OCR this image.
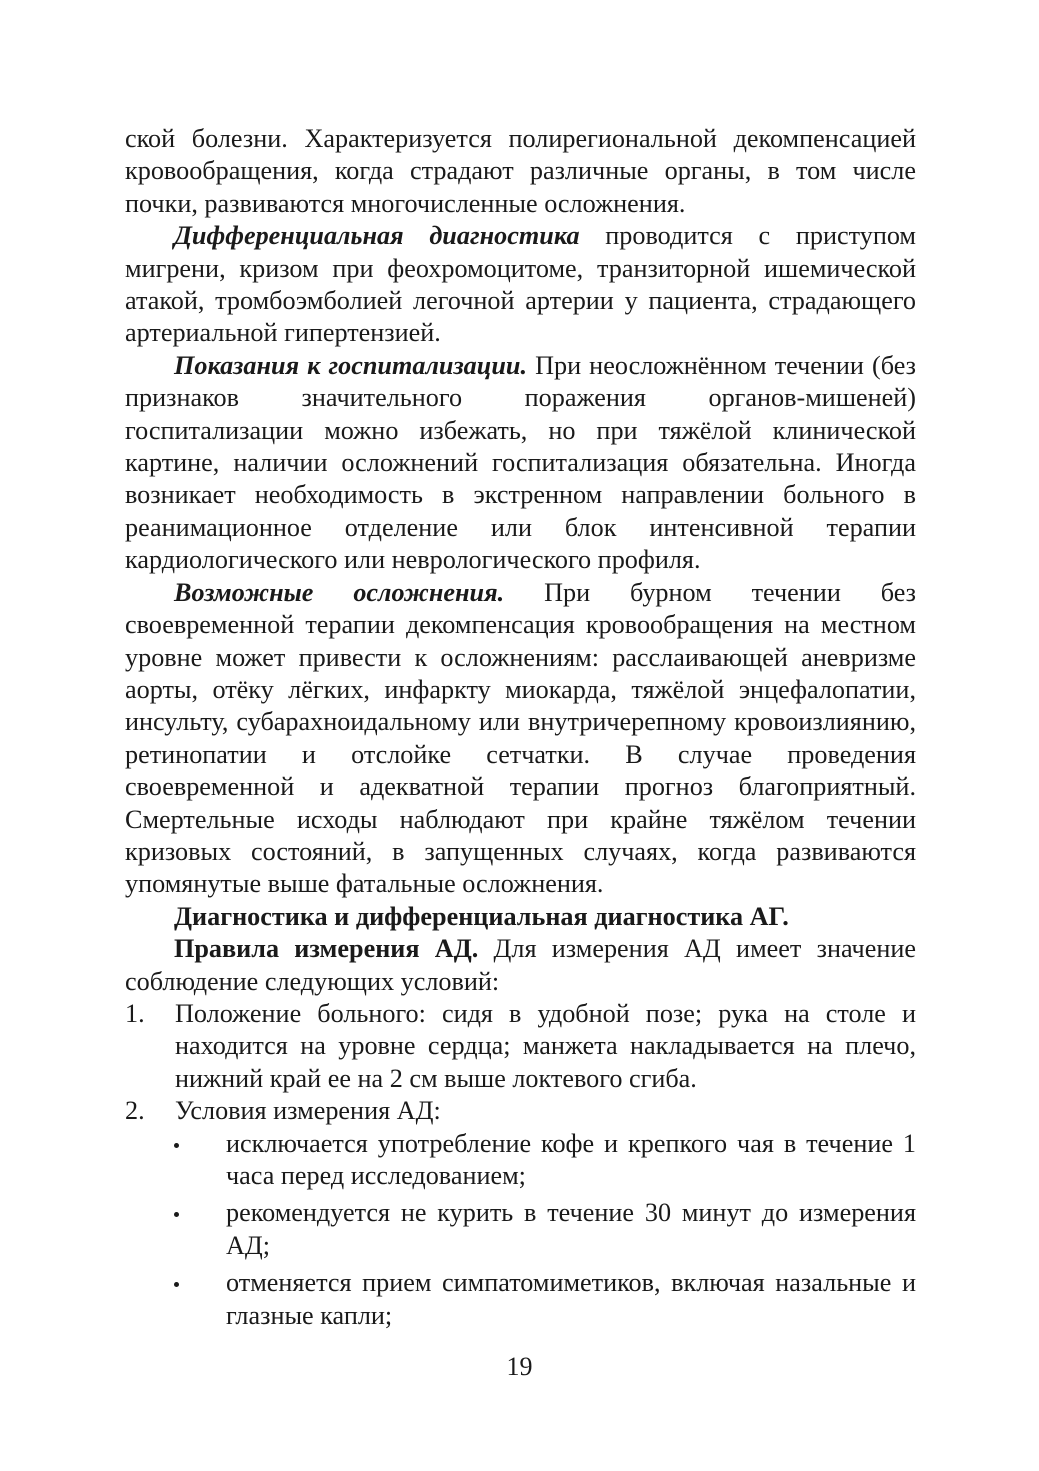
ской болезни. Характеризуется полирегиональной декомпенсацией кровообращения, когда страдают различные органы, в том числе почки, развиваются многочисленные осложнения.

Дифференциальная диагностика проводится с приступом мигрени, кризом при феохромоцитоме, транзиторной ишемической атакой, тромбоэмболией легочной артерии у пациента, страдающего артериальной гипертензией.

Показания к госпитализации. При неосложнённом течении (без признаков значительного поражения органов-мишеней) госпитализации можно избежать, но при тяжёлой клинической картине, наличии осложнений госпитализация обязательна. Иногда возникает необходимость в экстренном направлении больного в реанимационное отделение или блок интенсивной терапии кардиологического или неврологического профиля.

Возможные осложнения. При бурном течении без своевременной терапии декомпенсация кровообращения на местном уровне может привести к осложнениям: расслаивающей аневризме аорты, отёку лёгких, инфаркту миокарда, тяжёлой энцефалопатии, инсульту, субарахноидальному или внутричерепному кровоизлиянию, ретинопатии и отслойке сетчатки. В случае проведения своевременной и адекватной терапии прогноз благоприятный. Смертельные исходы наблюдают при крайне тяжёлом течении кризовых состояний, в запущенных случаях, когда развиваются упомянутые выше фатальные осложнения.

Диагностика и дифференциальная диагностика АГ.

Правила измерения АД. Для измерения АД имеет значение соблюдение следующих условий:

1.	Положение больного: сидя в удобной позе; рука на столе и находится на уровне сердца; манжета накладывается на плечо, нижний край ее на 2 см выше локтевого сгиба.
2.	Условия измерения АД:
исключается употребление кофе и крепкого чая в течение 1 часа перед исследованием;
рекомендуется не курить в течение 30 минут до измерения АД;
отменяется прием симпатомиметиков, включая назальные и глазные капли;
19
